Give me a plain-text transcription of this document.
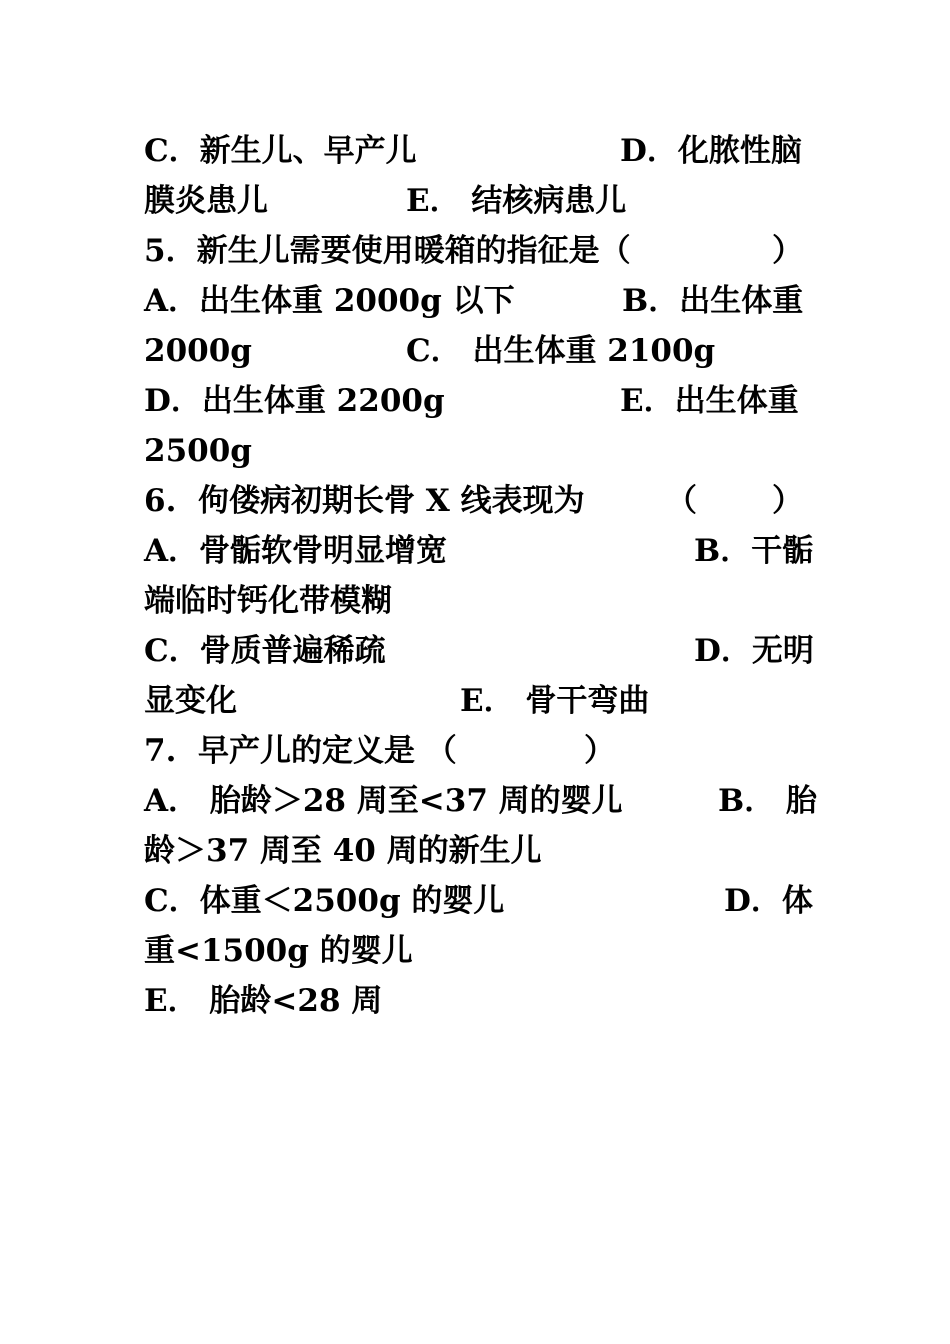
C．新生儿、早产儿

	D．化脓性脑

膜炎患儿

	E． 结核病患儿

5．新生儿需要使用暖箱的指征是（

	）

A．出生体重 2000g 以下

	B．出生体重

2000g

	C． 出生体重 2100g

D．出生体重 2200g

	E．出生体重

2500g

6.  佝偻病初期长骨 X 线表现为

	（

）

A．骨骺软骨明显增宽

	B．干骺

端临时钙化带模糊

C．骨质普遍稀疏

	D．无明

显变化

	E． 骨干弯曲

7.  早产儿的定义是 （

	）

A． 胎龄＞28 周至<37 周的婴儿

	B． 胎

龄＞37 周至 40 周的新生儿

C．体重＜2500g 的婴儿

	D．体

重<1500g 的婴儿

E． 胎龄<28 周
